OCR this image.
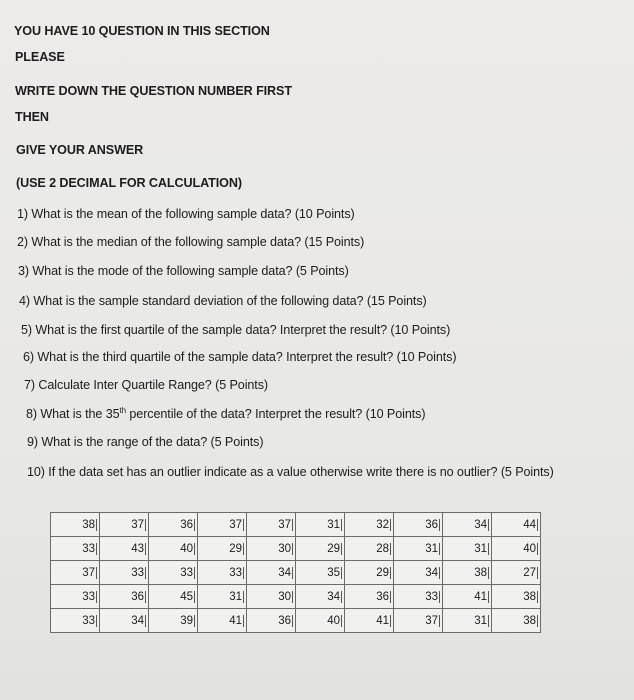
YOU HAVE 10 QUESTION IN THIS SECTION
PLEASE
WRITE DOWN THE QUESTION NUMBER FIRST
THEN
GIVE YOUR ANSWER
(USE 2 DECIMAL FOR CALCULATION)
1) What is the mean of the following sample data? (10 Points)
2) What is the median of the following sample data? (15 Points)
3) What is the mode of the following sample data? (5 Points)
4) What is the sample standard deviation of the following data? (15 Points)
5) What is the first quartile of the sample data? Interpret the result? (10 Points)
6) What is the third quartile of the sample data? Interpret the result? (10 Points)
7) Calculate Inter Quartile Range? (5 Points)
8) What is the 35th percentile of the data? Interpret the result? (10 Points)
9) What is the range of the data? (5 Points)
10) If the data set has an outlier indicate as a value otherwise write there is no outlier? (5 Points)
38	37	36	37	37	31	32	36	34	44
33	43	40	29	30	29	28	31	31	40
37	33	33	33	34	35	29	34	38	27
33	36	45	31	30	34	36	33	41	38
33	34	39	41	36	40	41	37	31	38
